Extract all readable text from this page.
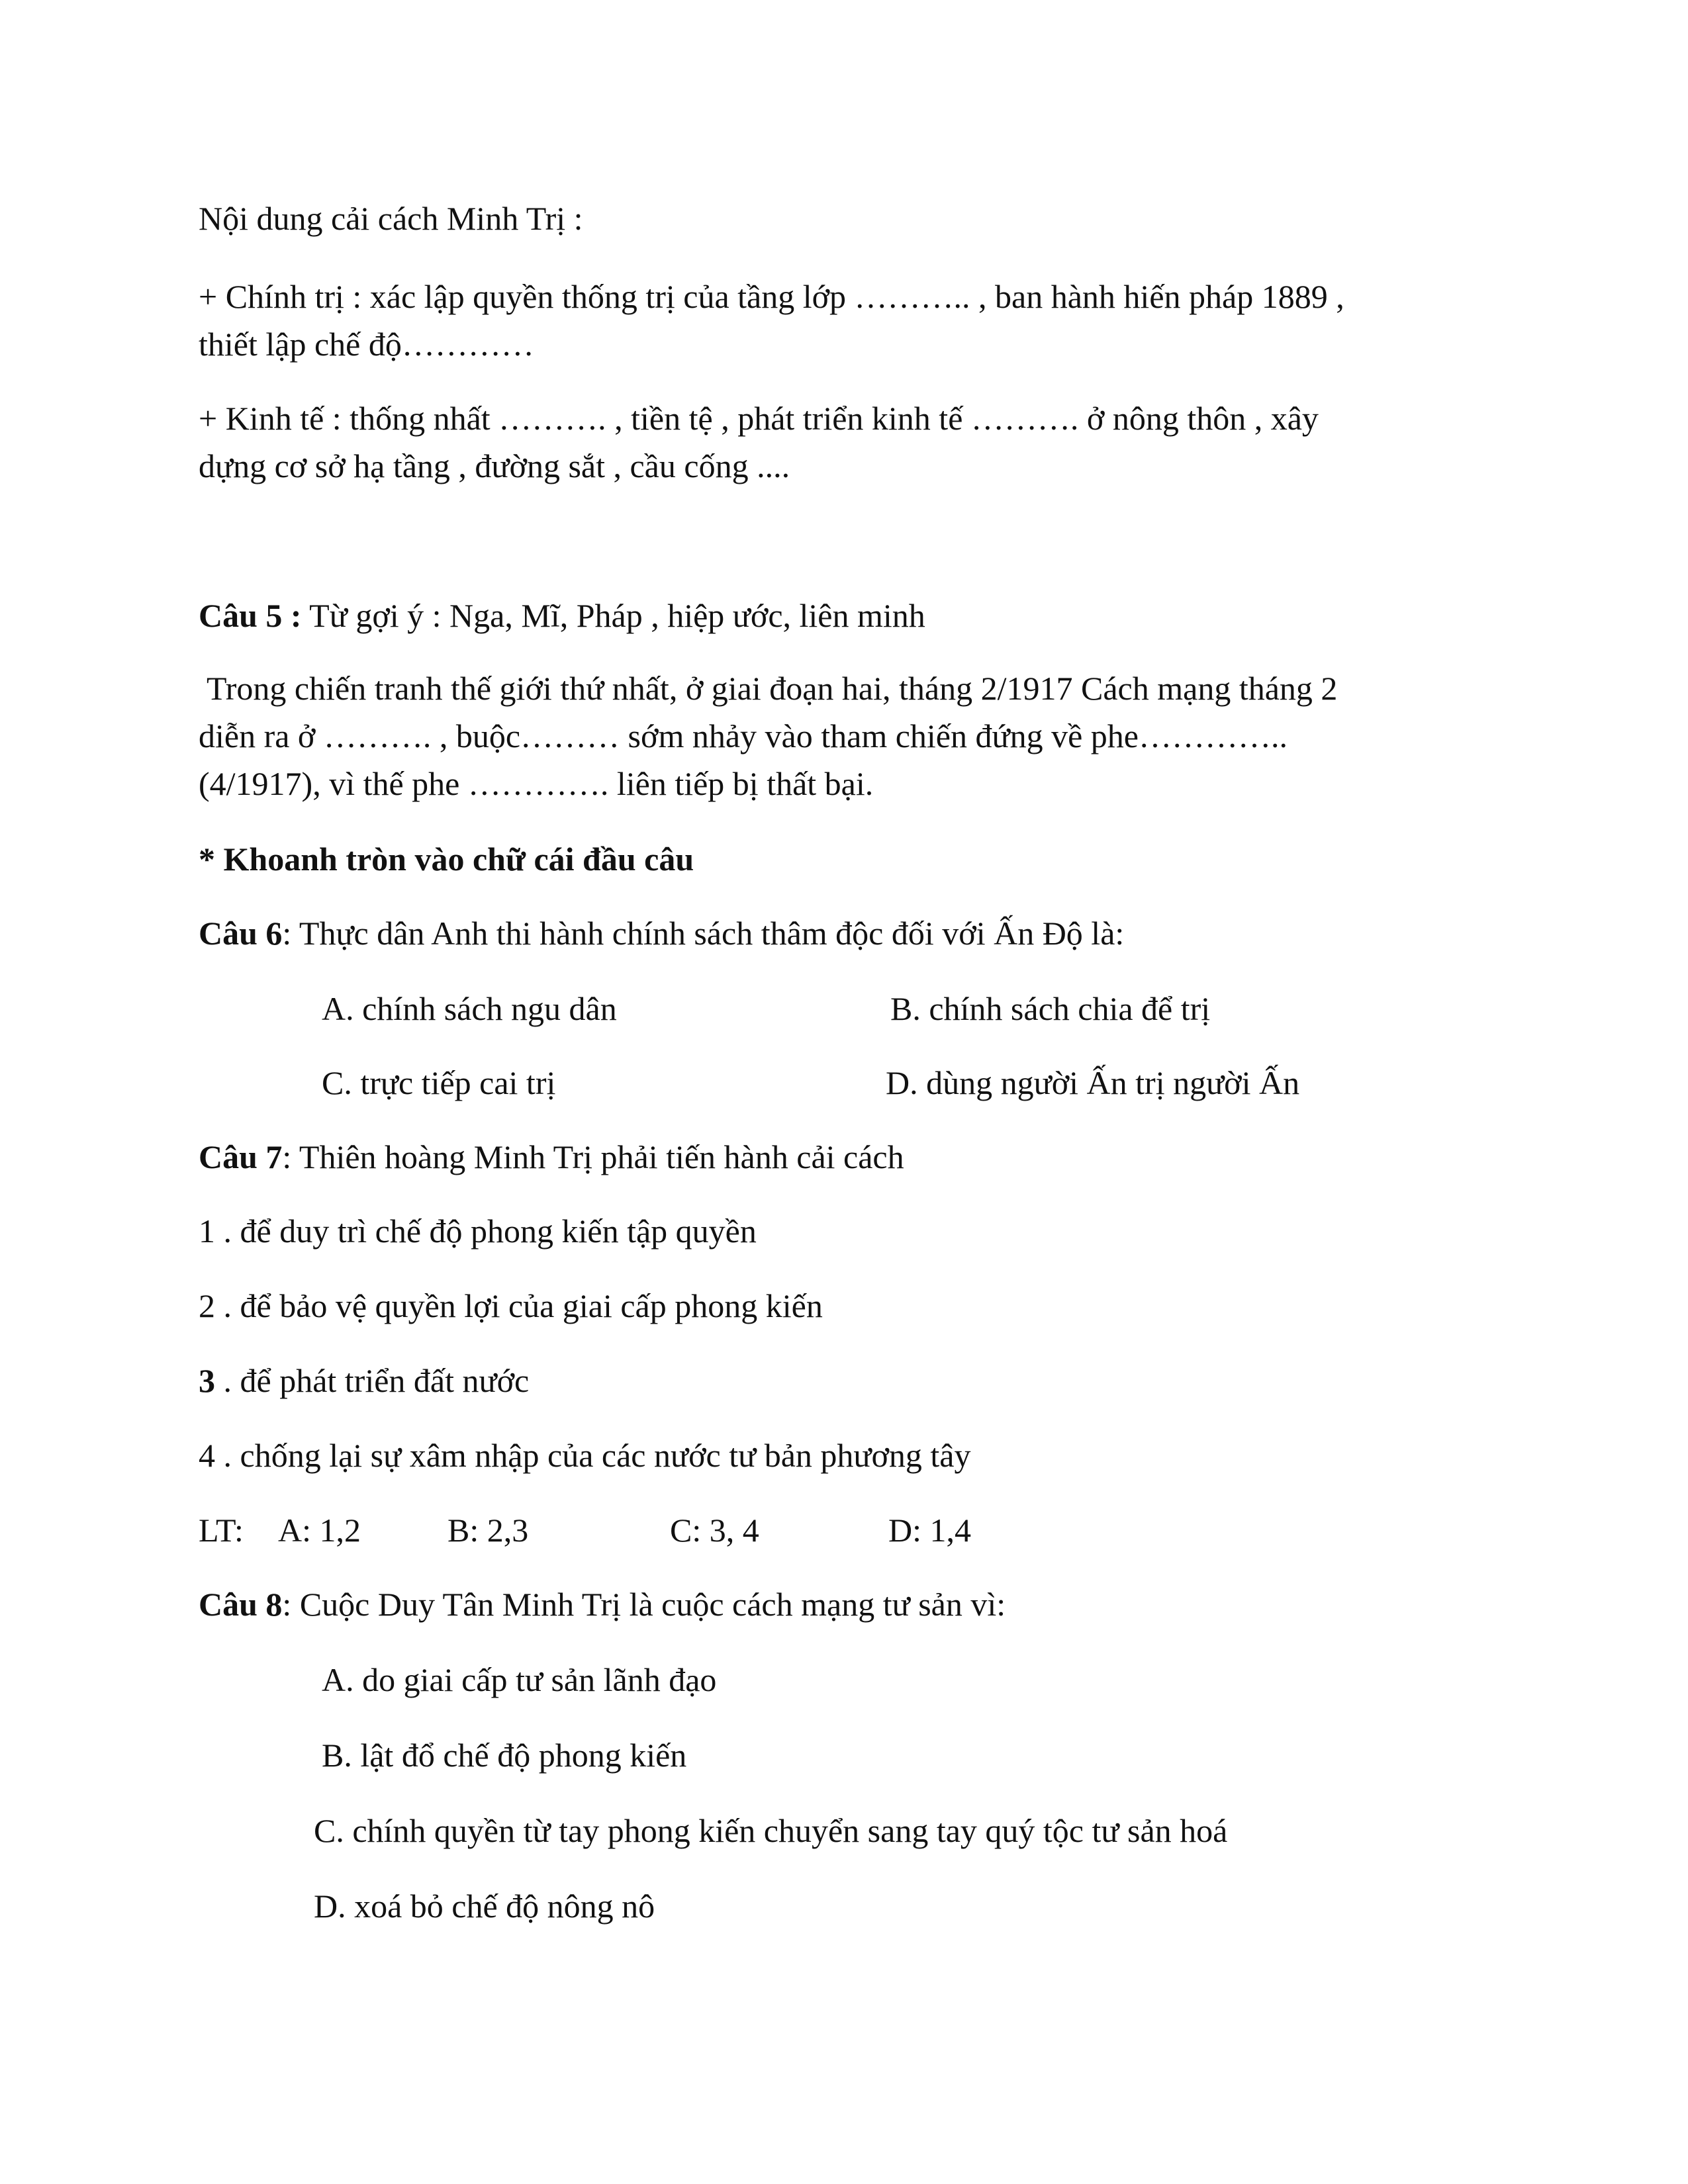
Nội dung cải cách Minh Trị :

+ Chính trị : xác lập quyền thống trị của tầng lớp ……….. , ban hành hiến pháp 1889 ,

thiết lập chế độ…………

+ Kinh tế : thống nhất ………. , tiền tệ , phát triển kinh tế ………. ở nông thôn , xây

dựng cơ sở hạ tầng , đường sắt , cầu cống ....

Câu 5 : Từ gợi ý : Nga, Mĩ, Pháp , hiệp ước, liên minh

Trong chiến tranh thế giới thứ nhất, ở giai đoạn hai, tháng 2/1917 Cách mạng tháng 2

diễn ra ở ………. , buộc……… sớm nhảy vào tham chiến đứng về phe…………..

(4/1917), vì thế phe …………. liên tiếp bị thất bại.

* Khoanh tròn vào chữ cái đầu câu

Câu 6: Thực dân Anh thi hành chính sách thâm độc đối với Ấn Độ là:

A. chính sách ngu dân	B. chính sách chia để trị

C. trực tiếp cai trị	D. dùng người Ấn trị người Ấn

Câu 7: Thiên hoàng Minh Trị phải tiến hành cải cách

1 . để duy trì chế độ phong kiến tập quyền

2 . để bảo vệ quyền lợi của giai cấp phong kiến

3 . để phát triển đất nước

4 . chống lại sự xâm nhập của các nước tư bản phương tây

LT: A: 1,2	B: 2,3	C: 3, 4	D: 1,4

Câu 8: Cuộc Duy Tân Minh Trị là cuộc cách mạng tư sản vì:

A. do giai cấp tư sản lãnh đạo

B. lật đổ chế độ phong kiến

C. chính quyền từ tay phong kiến chuyển sang tay quý tộc tư sản hoá

D. xoá bỏ chế độ nông nô
